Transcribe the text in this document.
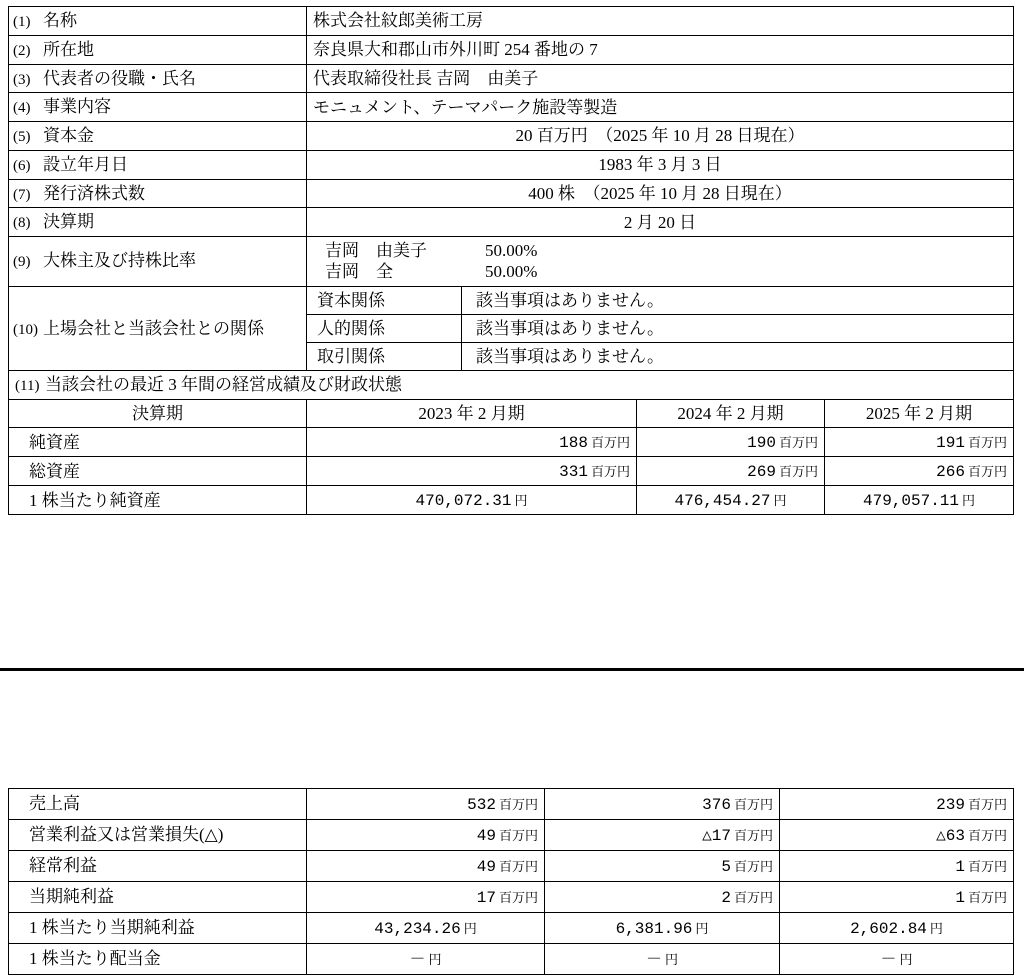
(1) 名称	株式会社紋郎美術工房			
(2) 所在地	奈良県大和郡山市外川町 254 番地の 7			
(3) 代表者の役職・氏名	代表取締役社長 吉岡　由美子			
(4) 事業内容	モニュメント、テーマパーク施設等製造			
(5) 資本金	20 百万円　（2025 年 10 月 28 日現在）			
(6) 設立年月日	1983 年 3 月 3 日			
(7) 発行済株式数	400 株　（2025 年 10 月 28 日現在）			
(8) 決算期	2 月 20 日			
(9) 大株主及び持株比率	吉岡　由美子 50.00%
吉岡　全 50.00%			

(10) 上場会社と当該会社との関係	資本関係	該当事項はありません。		
	人的関係	該当事項はありません。		
	取引関係	該当事項はありません。		
(11) 当該会社の最近 3 年間の経営成績及び財政状態				
決算期	2023 年 2 月期		2024 年 2 月期	2025 年 2 月期
純資産	188 百万円		190 百万円	191 百万円
総資産	331 百万円		269 百万円	266 百万円
1 株当たり純資産	470,072.31 円		476,454.27 円	479,057.11 円
売上高	532 百万円	376 百万円	239 百万円
営業利益又は営業損失(△)	49 百万円	△17 百万円	△63 百万円
経常利益	49 百万円	5 百万円	1 百万円
当期純利益	17 百万円	2 百万円	1 百万円
1 株当たり当期純利益	43,234.26 円	6,381.96 円	2,602.84 円
1 株当たり配当金	－ 円	－ 円	－ 円
